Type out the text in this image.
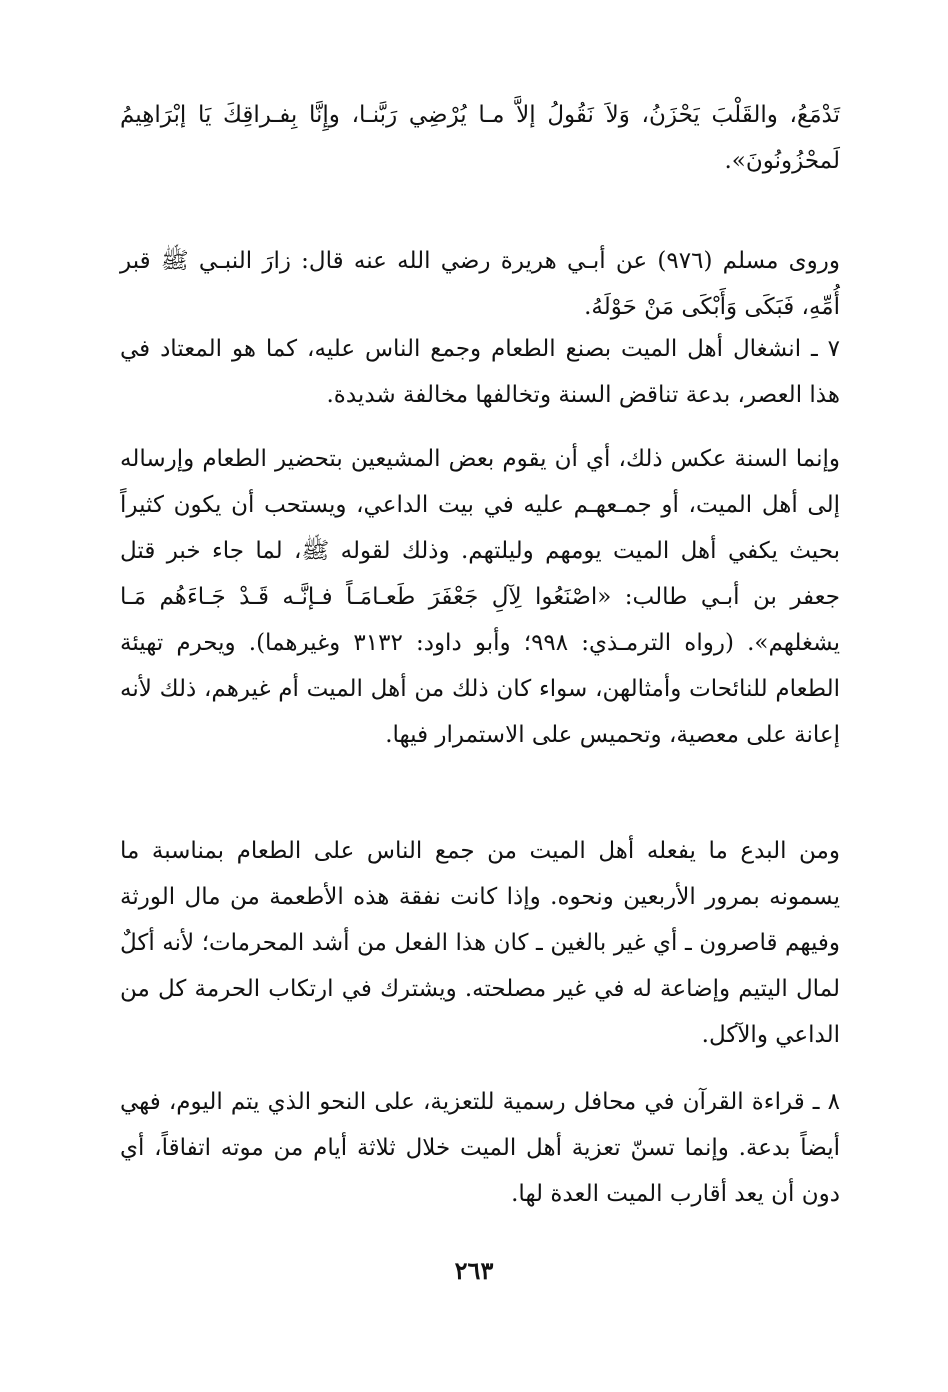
تَدْمَعُ، والقَلْبَ يَحْزَنُ، وَلاَ نَقُولُ إلاَّ مـا يُرْضِي رَبَّنـا، وإِنَّا بِفـراقِكَ يَا إبْرَاهِيمُ لَمحْزُونُونَ».

وروى مسلم (٩٧٦) عن أبـي هريرة رضي الله عنه قال: زارَ النبـي ﷺ قبر أُمِّهِ، فَبَكَى وَأَبْكَى مَنْ حَوْلَهُ.

٧ ـ انشغال أهل الميت بصنع الطعام وجمع الناس عليه، كما هو المعتاد في هذا العصر، بدعة تناقض السنة وتخالفها مخالفة شديدة.

وإنما السنة عكس ذلك، أي أن يقوم بعض المشيعين بتحضير الطعام وإرساله إلى أهل الميت، أو جمـعهـم عليه في بيت الداعي، ويستحب أن يكون كثيراً بحيث يكفي أهل الميت يومهم وليلتهم. وذلك لقوله ﷺ، لما جاء خبر قتل جعفر بن أبـي طالب: «اصْنَعُوا لِآلِ جَعْفَرَ طَعـامَـاً فـإنَّـه قَـدْ جَـاءَهُم مَـا يشغلهم». (رواه الترمـذي: ٩٩٨؛ وأبو داود: ٣١٣٢ وغيرهما). ويحرم تهيئة الطعام للنائحات وأمثالهن، سواء كان ذلك من أهل الميت أم غيرهم، ذلك لأنه إعانة على معصية، وتحميس على الاستمرار فيها.

ومن البدع ما يفعله أهل الميت من جمع الناس على الطعام بمناسبة ما يسمونه بمرور الأربعين ونحوه. وإذا كانت نفقة هذه الأطعمة من مال الورثة وفيهم قاصرون ـ أي غير بالغين ـ كان هذا الفعل من أشد المحرمات؛ لأنه أكلٌ لمال اليتيم وإضاعة له في غير مصلحته. ويشترك في ارتكاب الحرمة كل من الداعي والآكل.

٨ ـ قراءة القرآن في محافل رسمية للتعزية، على النحو الذي يتم اليوم، فهي أيضاً بدعة. وإنما تسنّ تعزية أهل الميت خلال ثلاثة أيام من موته اتفاقاً، أي دون أن يعد أقارب الميت العدة لها.

٢٦٣
